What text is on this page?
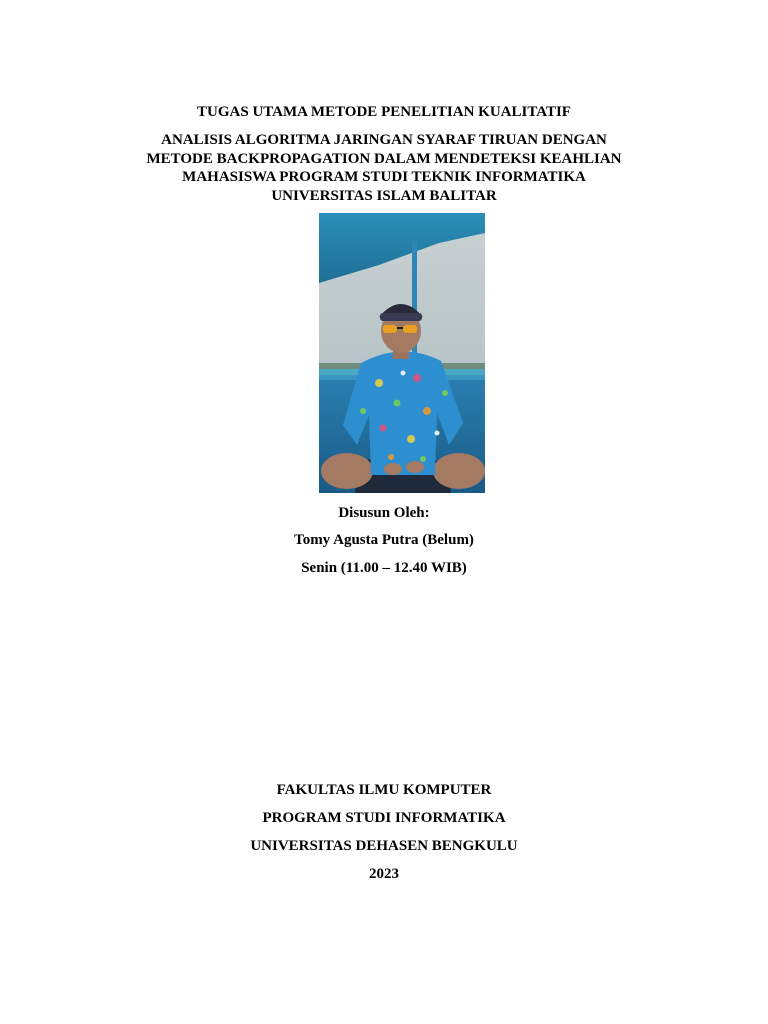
TUGAS UTAMA METODE PENELITIAN KUALITATIF
ANALISIS ALGORITMA JARINGAN SYARAF TIRUAN DENGAN
METODE BACKPROPAGATION DALAM MENDETEKSI KEAHLIAN
MAHASISWA PROGRAM STUDI TEKNIK INFORMATIKA
UNIVERSITAS ISLAM BALITAR
Disusun Oleh:
Tomy Agusta Putra (Belum)
Senin (11.00 – 12.40 WIB)
FAKULTAS ILMU KOMPUTER
PROGRAM STUDI INFORMATIKA
UNIVERSITAS DEHASEN BENGKULU
2023
